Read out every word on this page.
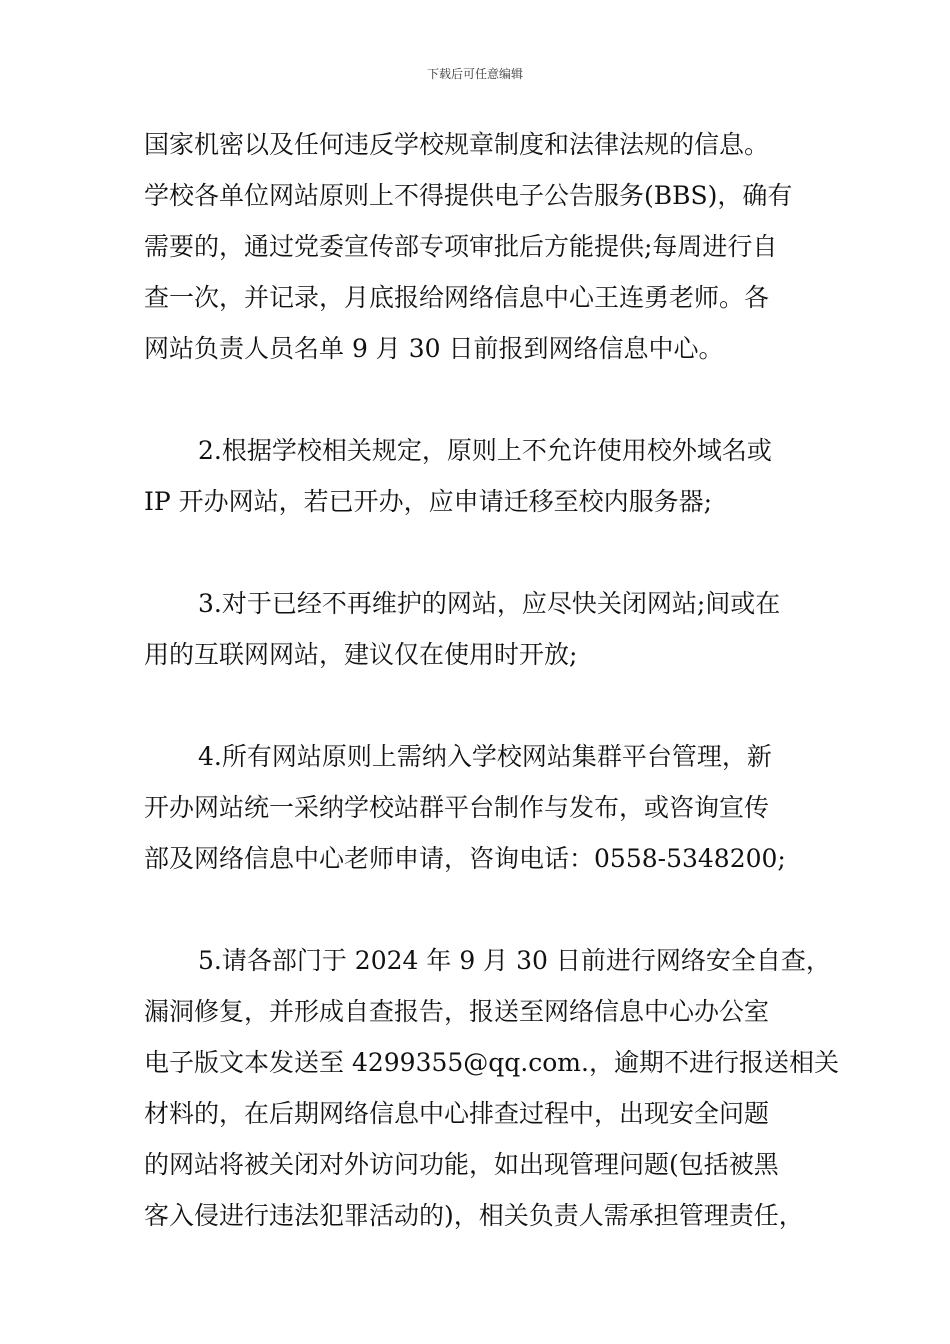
下载后可任意编辑

国家机密以及任何违反学校规章制度和法律法规的信息。
学校各单位网站原则上不得提供电子公告服务(BBS)，确有
需要的，通过党委宣传部专项审批后方能提供;每周进行自
查一次，并记录，月底报给网络信息中心王连勇老师。各
网站负责人员名单 9 月 30 日前报到网络信息中心。

2.根据学校相关规定，原则上不允许使用校外域名或
IP 开办网站，若已开办，应申请迁移至校内服务器;

3.对于已经不再维护的网站，应尽快关闭网站;间或在
用的互联网网站，建议仅在使用时开放;

4.所有网站原则上需纳入学校网站集群平台管理，新
开办网站统一采纳学校站群平台制作与发布，或咨询宣传
部及网络信息中心老师申请，咨询电话：0558-5348200;

5.请各部门于 2024 年 9 月 30 日前进行网络安全自查，
漏洞修复，并形成自查报告，报送至网络信息中心办公室
电子版文本发送至 4299355@qq.com.，逾期不进行报送相关
材料的，在后期网络信息中心排查过程中，出现安全问题
的网站将被关闭对外访问功能，如出现管理问题(包括被黑
客入侵进行违法犯罪活动的)，相关负责人需承担管理责任，
